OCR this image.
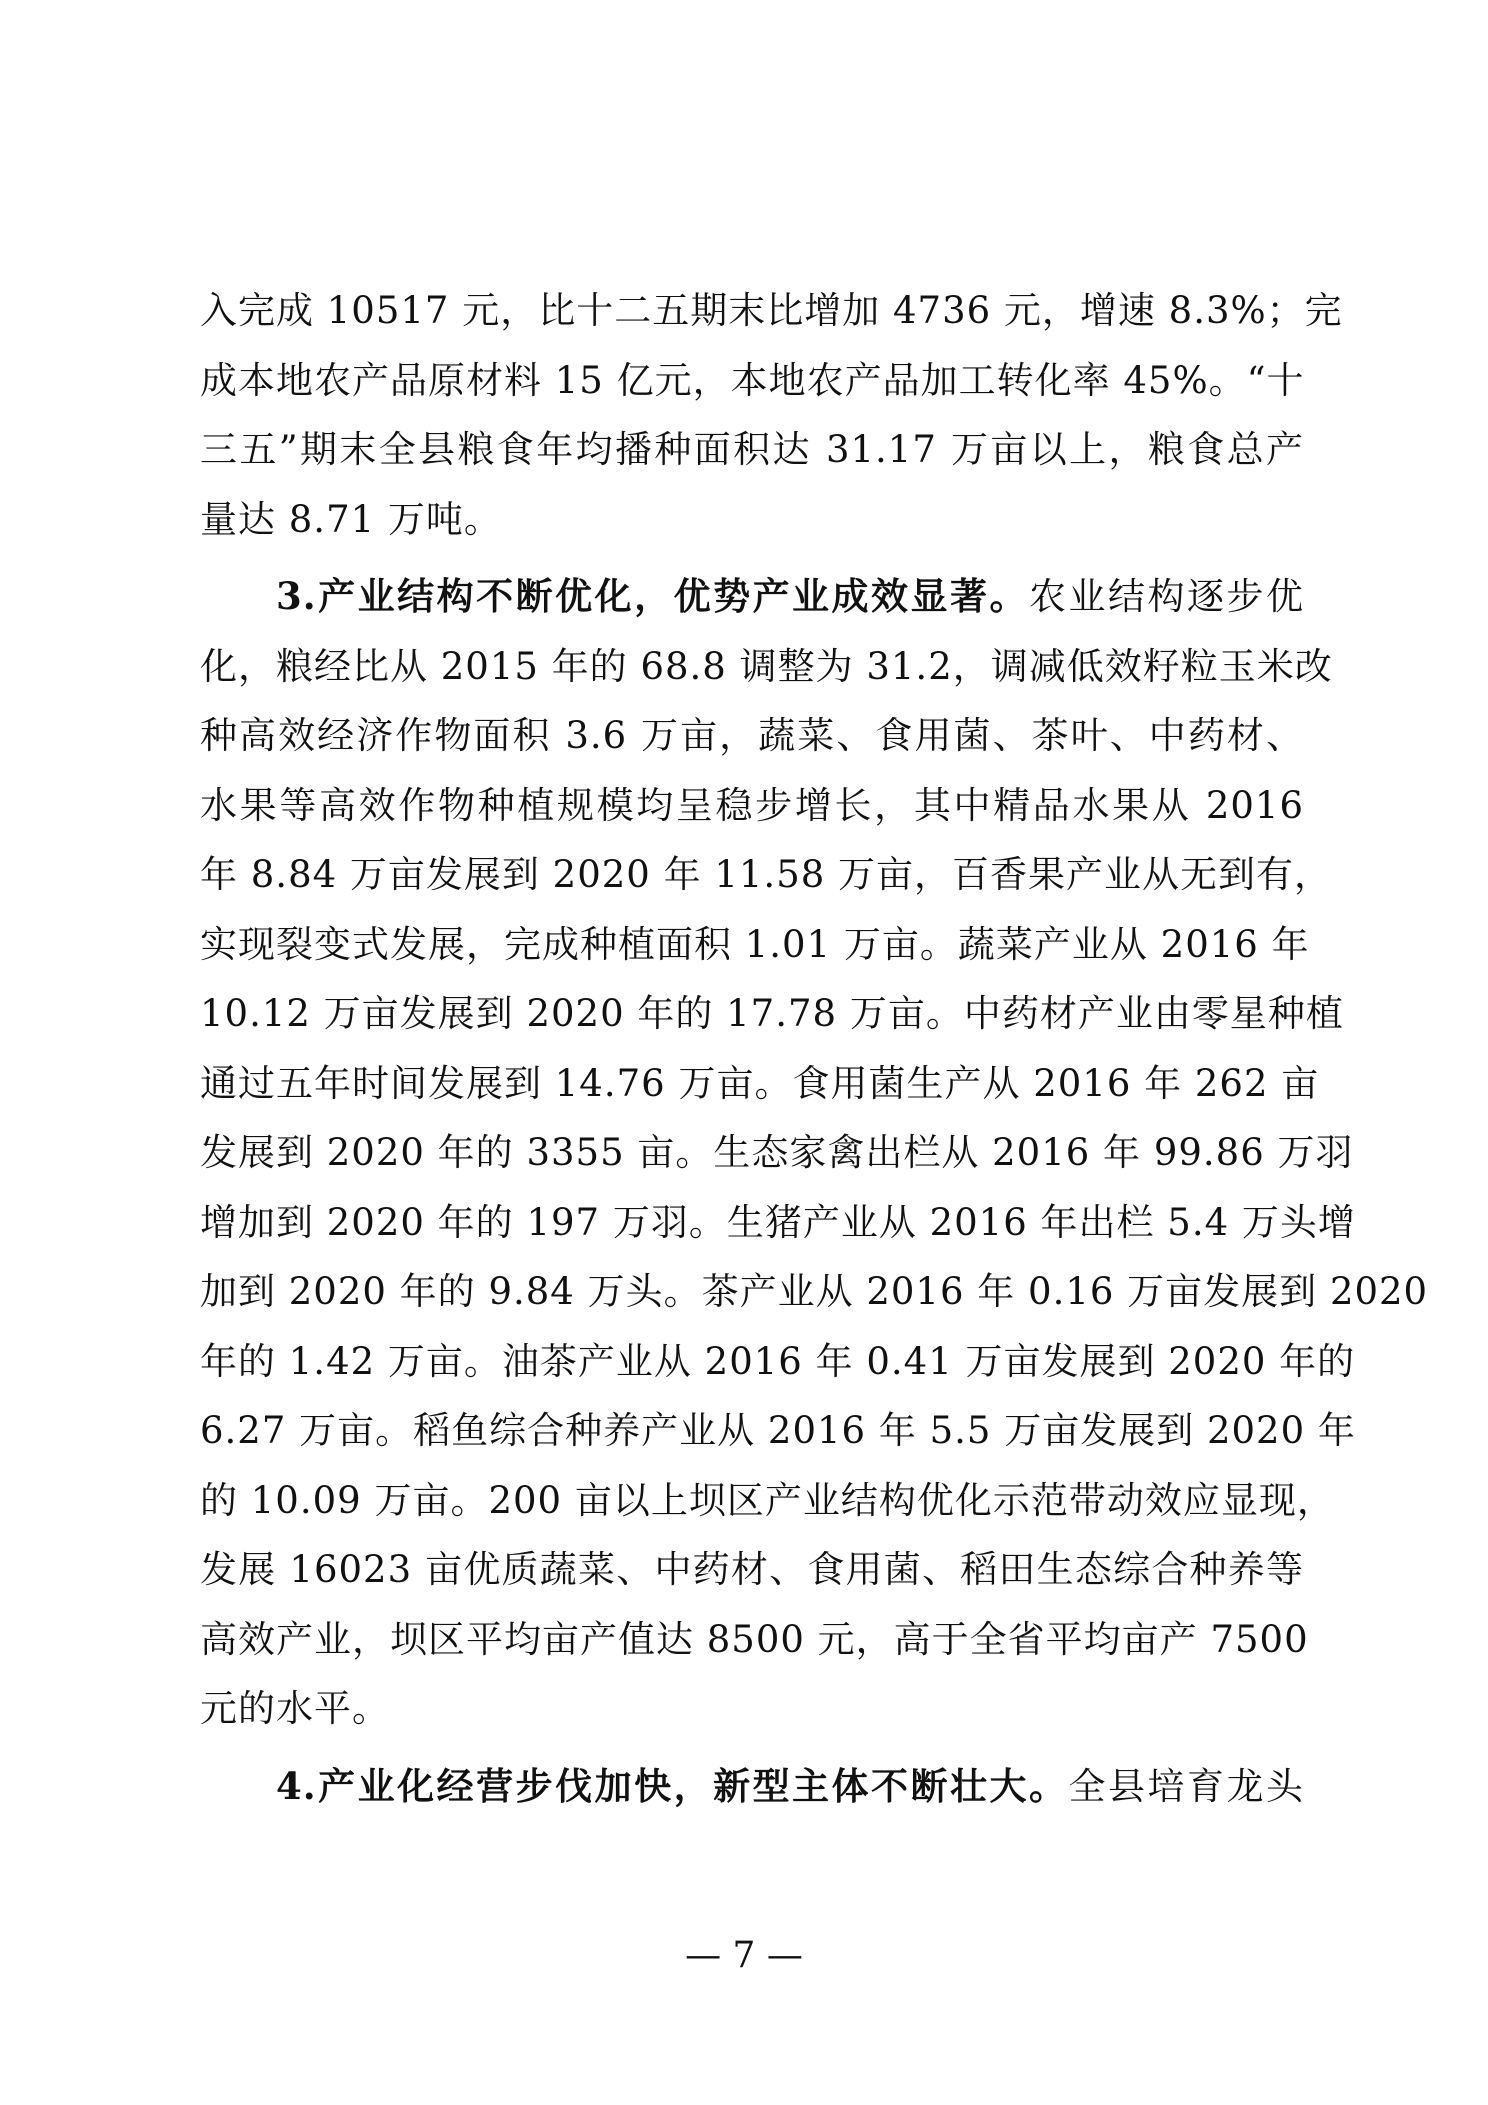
入完成 10517 元，比十二五期末比增加 4736 元，增速 8.3%；完
成本地农产品原材料 15 亿元，本地农产品加工转化率 45%。“十
三五”期末全县粮食年均播种面积达 31.17 万亩以上，粮食总产
量达 8.71 万吨。
3.产业结构不断优化，优势产业成效显著。农业结构逐步优
化，粮经比从 2015 年的 68.8 调整为 31.2，调减低效籽粒玉米改
种高效经济作物面积 3.6 万亩，蔬菜、食用菌、茶叶、中药材、
水果等高效作物种植规模均呈稳步增长，其中精品水果从 2016
年 8.84 万亩发展到 2020 年 11.58 万亩，百香果产业从无到有，
实现裂变式发展，完成种植面积 1.01 万亩。蔬菜产业从 2016 年
10.12 万亩发展到 2020 年的 17.78 万亩。中药材产业由零星种植
通过五年时间发展到 14.76 万亩。食用菌生产从 2016 年 262 亩
发展到 2020 年的 3355 亩。生态家禽出栏从 2016 年 99.86 万羽
增加到 2020 年的 197 万羽。生猪产业从 2016 年出栏 5.4 万头增
加到 2020 年的 9.84 万头。茶产业从 2016 年 0.16 万亩发展到 2020
年的 1.42 万亩。油茶产业从 2016 年 0.41 万亩发展到 2020 年的
6.27 万亩。稻鱼综合种养产业从 2016 年 5.5 万亩发展到 2020 年
的 10.09 万亩。200 亩以上坝区产业结构优化示范带动效应显现，
发展 16023 亩优质蔬菜、中药材、食用菌、稻田生态综合种养等
高效产业，坝区平均亩产值达 8500 元，高于全省平均亩产 7500
元的水平。
4.产业化经营步伐加快，新型主体不断壮大。全县培育龙头
— 7 —
